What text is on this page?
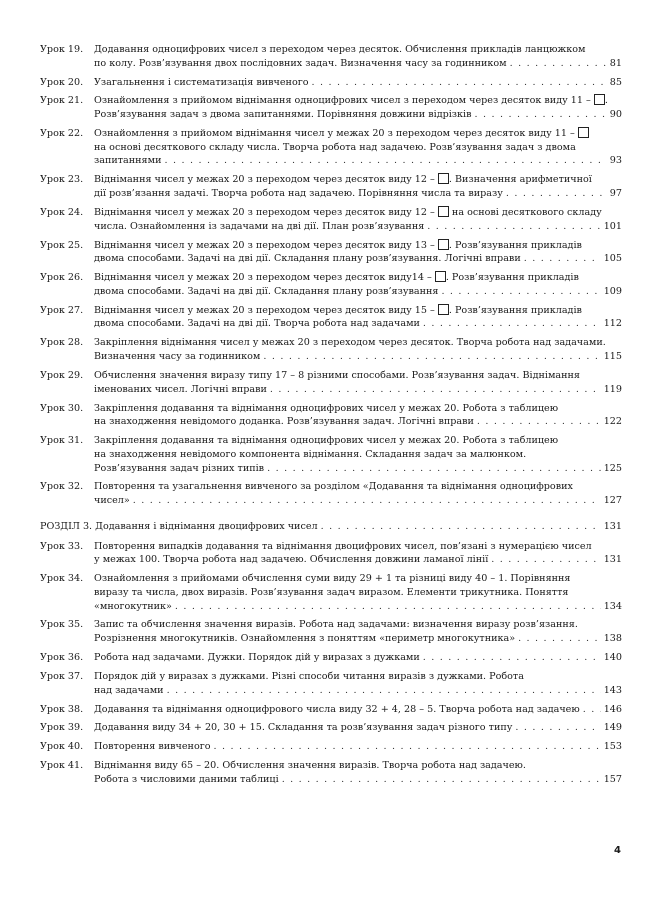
Урок 19.	Додавання одноцифрових чисел з переходом через десяток. Обчислення прикладів ланцюжком
по колу. Розв’язування двох послідовних задач. Визначення часу за годинником . . .	81
Урок 20.	Узагальнення і систематизація вивченого . . .	85
Урок 21.	Ознайомлення з прийомом віднімання одноцифрових чисел з переходом через десяток виду 11 – .
Розв’язування задач з двома запитаннями. Порівняння довжини відрізків . . .	90
Урок 22.	Ознайомлення з прийомом віднімання чисел у межах 20 з переходом через десяток виду 11 –
на основі десяткового складу числа. Творча робота над задачею. Розв’язування задач з двома
запитаннями . . .	93
Урок 23.	Віднімання чисел у межах 20 з переходом через десяток виду 12 – . Визначення арифметичної
дії розв’язання задачі. Творча робота над задачею. Порівняння числа та виразу . . .	97
Урок 24.	Віднімання чисел у межах 20 з переходом через десяток виду 12 – на основі десяткового складу
числа. Ознайомлення із задачами на дві дії. План розв’язування . . .	101
Урок 25.	Віднімання чисел у межах 20 з переходом через десяток виду 13 – . Розв’язування прикладів
двома способами. Задачі на дві дії. Складання плану розв’язування. Логічні вправи . . .	105
Урок 26.	Віднімання чисел у межах 20 з переходом через десяток виду14 – . Розв’язування прикладів
двома способами. Задачі на дві дії. Складання плану розв’язування . . .	109
Урок 27.	Віднімання чисел у межах 20 з переходом через десяток виду 15 – . Розв’язування прикладів
двома способами. Задачі на дві дії. Творча робота над задачами . . .	112
Урок 28.	Закріплення віднімання чисел у межах 20 з переходом через десяток. Творча робота над задачами.
Визначення часу за годинником . . .	115
Урок 29.	Обчислення значення виразу типу 17 – 8 різними способами. Розв’язування задач. Віднімання
іменованих чисел. Логічні вправи . . .	119
Урок 30.	Закріплення додавання та віднімання одноцифрових чисел у межах 20. Робота з таблицею
на знаходження невідомого доданка. Розв’язування задач. Логічні вправи . . .	122
Урок 31.	Закріплення додавання та віднімання одноцифрових чисел у межах 20. Робота з таблицею
на знаходження невідомого компонента віднімання. Складання задач за малюнком.
Розв’язування задач різних типів . . .	125
Урок 32.	Повторення та узагальнення вивченого за розділом «Додавання та віднімання одноцифрових
чисел» . . .	127
РОЗДІЛ 3. Додавання і віднімання двоцифрових чисел . . .	131
Урок 33.	Повторення випадків додавання та віднімання двоцифрових чисел, пов’язані з нумерацією чисел
у межах 100. Творча робота над задачею. Обчислення довжини ламаної лінії . . .	131
Урок 34.	Ознайомлення з прийомами обчислення суми виду 29 + 1 та різниці виду 40 – 1. Порівняння
виразу та числа, двох виразів. Розв’язування задач виразом. Елементи трикутника. Поняття
«многокутник» . . .	134
Урок 35.	Запис та обчислення значення виразів. Робота над задачами: визначення виразу розв’язання.
Розрізнення многокутників. Ознайомлення з поняттям «периметр многокутника» . . .	138
Урок 36.	Робота над задачами. Дужки. Порядок дій у виразах з дужками . . .	140
Урок 37.	Порядок дій у виразах з дужками. Різні способи читання виразів з дужками. Робота
над задачами . . .	143
Урок 38.	Додавання та віднімання одноцифрового числа виду 32 + 4, 28 – 5. Творча робота над задачею . . . 146
Урок 39.	Додавання виду 34 + 20, 30 + 15. Складання та розв’язування задач різного типу . . .	149
Урок 40.	Повторення вивченого . . .	153
Урок 41.	Віднімання виду 65 – 20. Обчислення значення виразів. Творча робота над задачею.
Робота з числовими даними таблиці . . .	157
4
